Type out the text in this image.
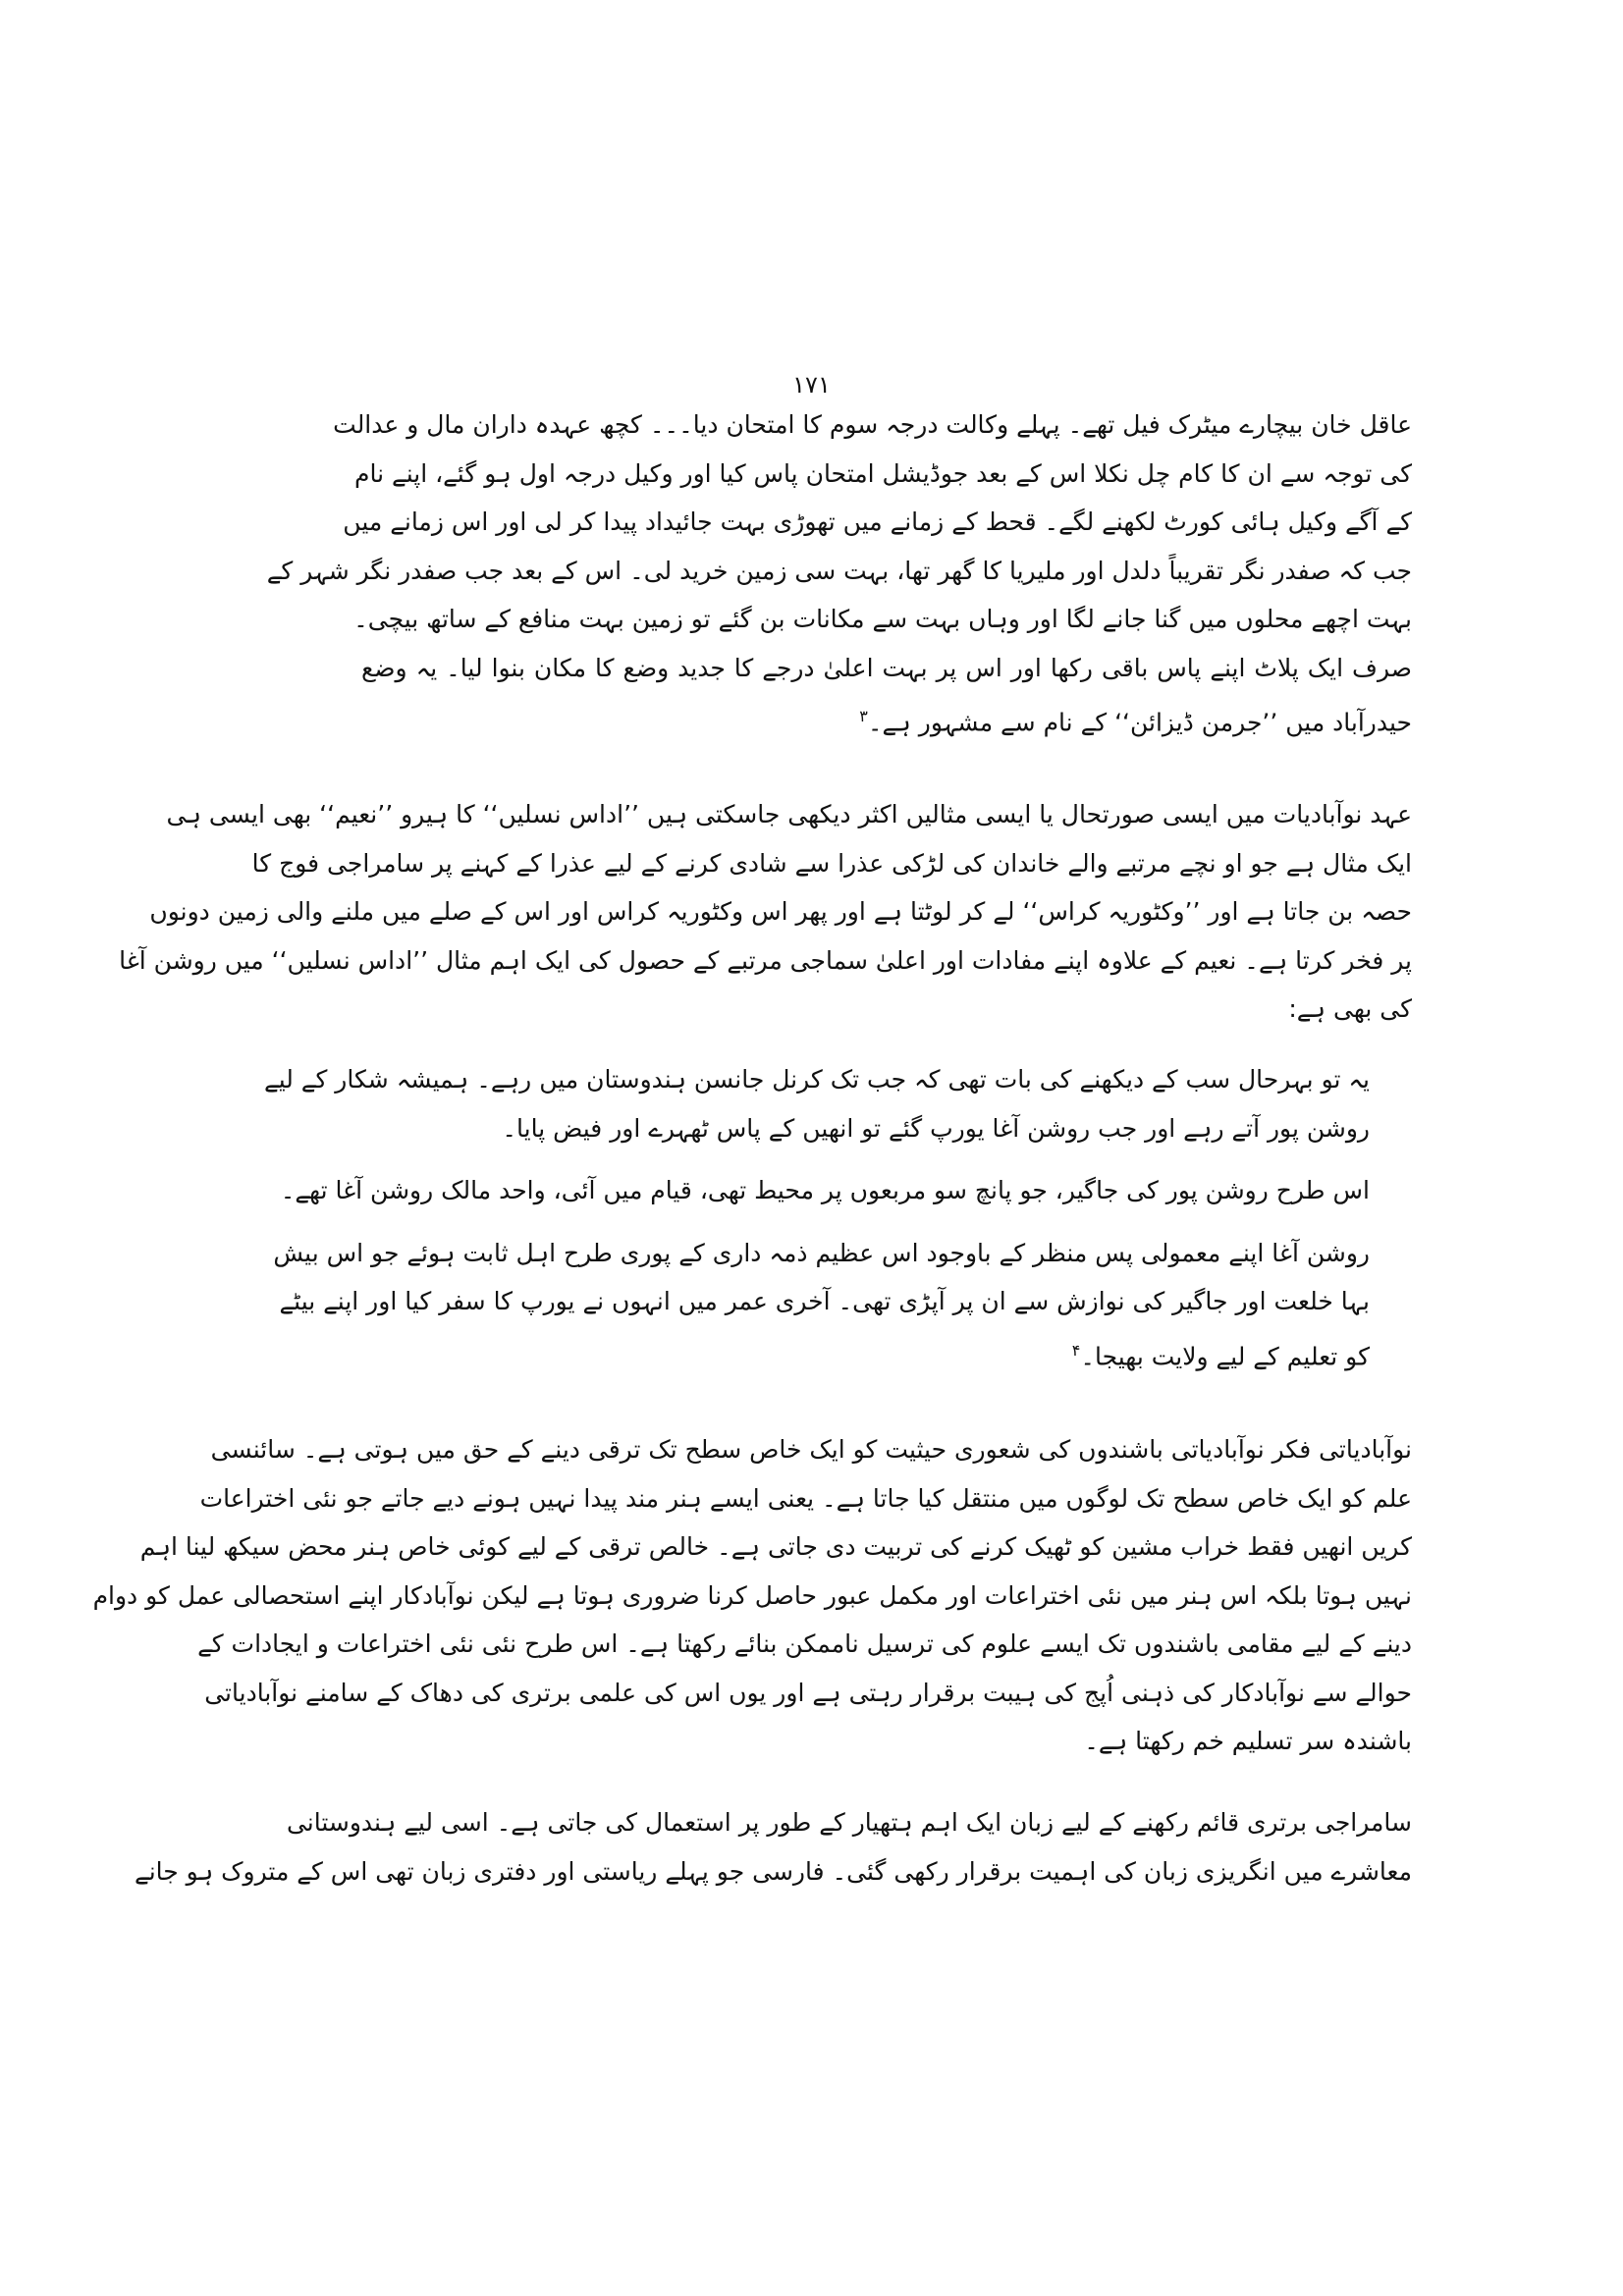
۱۷۱
عاقل خان بیچارے میٹرک فیل تھے۔ پہلے وکالت درجہ سوم کا امتحان دیا۔۔۔ کچھ عہدہ داران مال و عدالت
کی توجہ سے ان کا کام چل نکلا اس کے بعد جوڈیشل امتحان پاس کیا اور وکیل درجہ اول ہو گئے، اپنے نام
کے آگے وکیل ہائی کورٹ لکھنے لگے۔ قحط کے زمانے میں تھوڑی بہت جائیداد پیدا کر لی اور اس زمانے میں
جب کہ صفدر نگر تقریباً دلدل اور ملیریا کا گھر تھا، بہت سی زمین خرید لی۔ اس کے بعد جب صفدر نگر شہر کے
بہت اچھے محلوں میں گنا جانے لگا اور وہاں بہت سے مکانات بن گئے تو زمین بہت منافع کے ساتھ بیچی۔
صرف ایک پلاٹ اپنے پاس باقی رکھا اور اس پر بہت اعلیٰ درجے کا جدید وضع کا مکان بنوا لیا۔ یہ وضع
حیدرآباد میں ’’جرمن ڈیزائن‘‘ کے نام سے مشہور ہے۔$^۳$
عہد نوآبادیات میں ایسی صورتحال یا ایسی مثالیں اکثر دیکھی جاسکتی ہیں ’’اداس نسلیں‘‘ کا ہیرو ’’نعیم‘‘ بھی ایسی ہی
ایک مثال ہے جو او نچے مرتبے والے خاندان کی لڑکی عذرا سے شادی کرنے کے لیے عذرا کے کہنے پر سامراجی فوج کا
حصہ بن جاتا ہے اور ’’وکٹوریہ کراس‘‘ لے کر لوٹتا ہے اور پھر اس وکٹوریہ کراس اور اس کے صلے میں ملنے والی زمین دونوں
پر فخر کرتا ہے۔ نعیم کے علاوہ اپنے مفادات اور اعلیٰ سماجی مرتبے کے حصول کی ایک اہم مثال ’’اداس نسلیں‘‘ میں روشن آغا
کی بھی ہے:
یہ تو بہرحال سب کے دیکھنے کی بات تھی کہ جب تک کرنل جانسن ہندوستان میں رہے۔ ہمیشہ شکار کے لیے
روشن پور آتے رہے اور جب روشن آغا یورپ گئے تو انھیں کے پاس ٹھہرے اور فیض پایا۔
اس طرح روشن پور کی جاگیر، جو پانچ سو مربعوں پر محیط تھی، قیام میں آئی، واحد مالک روشن آغا تھے۔
روشن آغا اپنے معمولی پس منظر کے باوجود اس عظیم ذمہ داری کے پوری طرح اہل ثابت ہوئے جو اس بیش
بہا خلعت اور جاگیر کی نوازش سے ان پر آپڑی تھی۔ آخری عمر میں انہوں نے یورپ کا سفر کیا اور اپنے بیٹے
کو تعلیم کے لیے ولایت بھیجا۔$^۴$
نوآبادیاتی فکر نوآبادیاتی باشندوں کی شعوری حیثیت کو ایک خاص سطح تک ترقی دینے کے حق میں ہوتی ہے۔ سائنسی
علم کو ایک خاص سطح تک لوگوں میں منتقل کیا جاتا ہے۔ یعنی ایسے ہنر مند پیدا نہیں ہونے دیے جاتے جو نئی اختراعات
کریں انھیں فقط خراب مشین کو ٹھیک کرنے کی تربیت دی جاتی ہے۔ خالص ترقی کے لیے کوئی خاص ہنر محض سیکھ لینا اہم
نہیں ہوتا بلکہ اس ہنر میں نئی اختراعات اور مکمل عبور حاصل کرنا ضروری ہوتا ہے لیکن نوآبادکار اپنے استحصالی عمل کو دوام
دینے کے لیے مقامی باشندوں تک ایسے علوم کی ترسیل ناممکن بنائے رکھتا ہے۔ اس طرح نئی نئی اختراعات و ایجادات کے
حوالے سے نوآبادکار کی ذہنی اُپج کی ہیبت برقرار رہتی ہے اور یوں اس کی علمی برتری کی دھاک کے سامنے نوآبادیاتی
باشندہ سر تسلیم خم رکھتا ہے۔
سامراجی برتری قائم رکھنے کے لیے زبان ایک اہم ہتھیار کے طور پر استعمال کی جاتی ہے۔ اسی لیے ہندوستانی
معاشرے میں انگریزی زبان کی اہمیت برقرار رکھی گئی۔ فارسی جو پہلے ریاستی اور دفتری زبان تھی اس کے متروک ہو جانے
